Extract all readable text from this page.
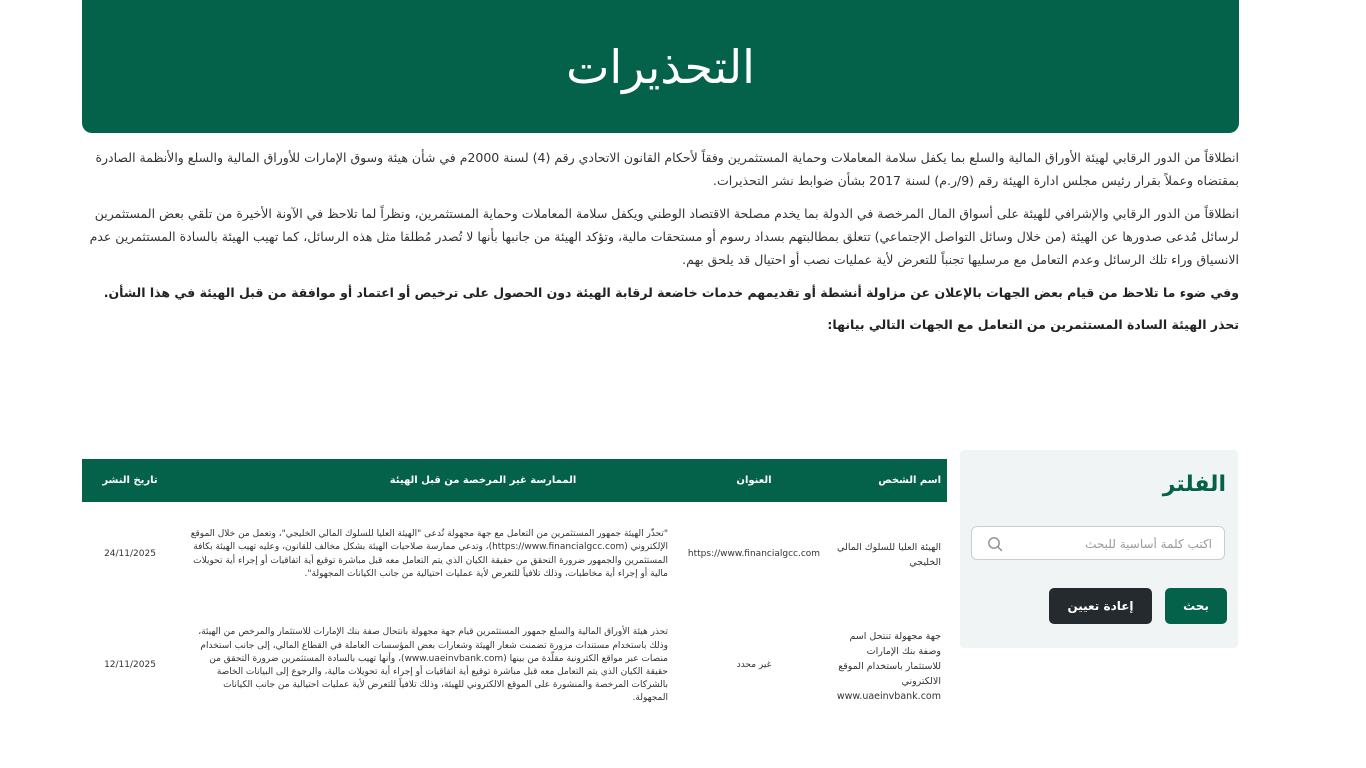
التحذيرات

انطلاقاً من الدور الرقابي لهيئة الأوراق المالية والسلع بما يكفل سلامة المعاملات وحماية المستثمرين وفقاً لأحكام القانون الاتحادي رقم (4) لسنة 2000م في شأن هيئة وسوق الإمارات للأوراق المالية والسلع والأنظمة الصادرة بمقتضاه وعملاً بقرار رئيس مجلس ادارة الهيئة رقم (9/ر.م) لسنة 2017 بشأن ضوابط نشر التحذيرات.

انطلاقاً من الدور الرقابي والإشرافي للهيئة على أسواق المال المرخصة في الدولة بما يخدم مصلحة الاقتصاد الوطني ويكفل سلامة المعاملات وحماية المستثمرين، ونظراً لما تلاحظ في الآونة الأخيرة من تلقي بعض المستثمرين لرسائل مُدعى صدورها عن الهيئة (من خلال وسائل التواصل الإجتماعي) تتعلق بمطالبتهم بسداد رسوم أو مستحقات مالية، وتؤكد الهيئة من جانبها بأنها لا تُصدر مُطلقا مثل هذه الرسائل، كما تهيب الهيئة بالسادة المستثمرين عدم الانسياق وراء تلك الرسائل وعدم التعامل مع مرسليها تجنباً للتعرض لأية عمليات نصب أو احتيال قد يلحق بهم.

وفي ضوء ما تلاحظ من قيام بعض الجهات بالإعلان عن مزاولة أنشطة أو تقديمهم خدمات خاضعة لرقابة الهيئة دون الحصول على ترخيص أو اعتماد أو موافقة من قبل الهيئة في هذا الشأن.

تحذر الهيئة السادة المستثمرين من التعامل مع الجهات التالي بيانها:

الفلتر
اكتب كلمة أساسية للبحث
بحث
إعادة تعيين
اسم الشخص
العنوان
الممارسة غير المرخصة من قبل الهيئة
تاريخ النشر
الهيئة العليا للسلوك المالي الخليجي
https://www.financialgcc.com
"تحذّر الهيئة جمهور المستثمرين من التعامل مع جهة مجهولة تُدعى "الهيئة العليا للسلوك المالي الخليجي"، وتعمل من خلال الموقع الإلكتروني (https://www.financialgcc.com)، وتدعي ممارسة صلاحيات الهيئة بشكل مخالف للقانون، وعليه تهيب الهيئة بكافة المستثمرين والجمهور ضرورة التحقق من حقيقة الكيان الذي يتم التعامل معه قبل مباشرة توقيع أية اتفاقيات أو إجراء أية تحويلات مالية أو إجراء أية مخاطبات، وذلك تلافياً للتعرض لأية عمليات احتيالية من جانب الكيانات المجهولة".
24/11/2025
جهة مجهولة تنتحل اسم وصفة بنك الإمارات للاستثمار باستخدام الموقع الالكتروني www.uaeinvbank.com
غير محدد
تحذر هيئة الأوراق المالية والسلع جمهور المستثمرين قيام جهة مجهولة بانتحال صفة بنك الإمارات للاستثمار والمرخص من الهيئة، وذلك باستخدام مستندات مزورة تضمنت شعار الهيئة وشعارات بعض المؤسسات العاملة في القطاع المالي، إلى جانب استخدام منصات عبر مواقع الكترونية مقلّدة من بينها (www.uaeinvbank.com)، وأنها تهيب بالسادة المستثمرين ضرورة التحقق من حقيقة الكيان الذي يتم التعامل معه قبل مباشرة توقيع أية اتفاقيات أو إجراء أية تحويلات مالية، والرجوع إلى البيانات الخاصة بالشركات المرخصة والمنشورة على الموقع الالكتروني للهيئة، وذلك تلافياً للتعرض لأية عمليات احتيالية من جانب الكيانات المجهولة.
12/11/2025
